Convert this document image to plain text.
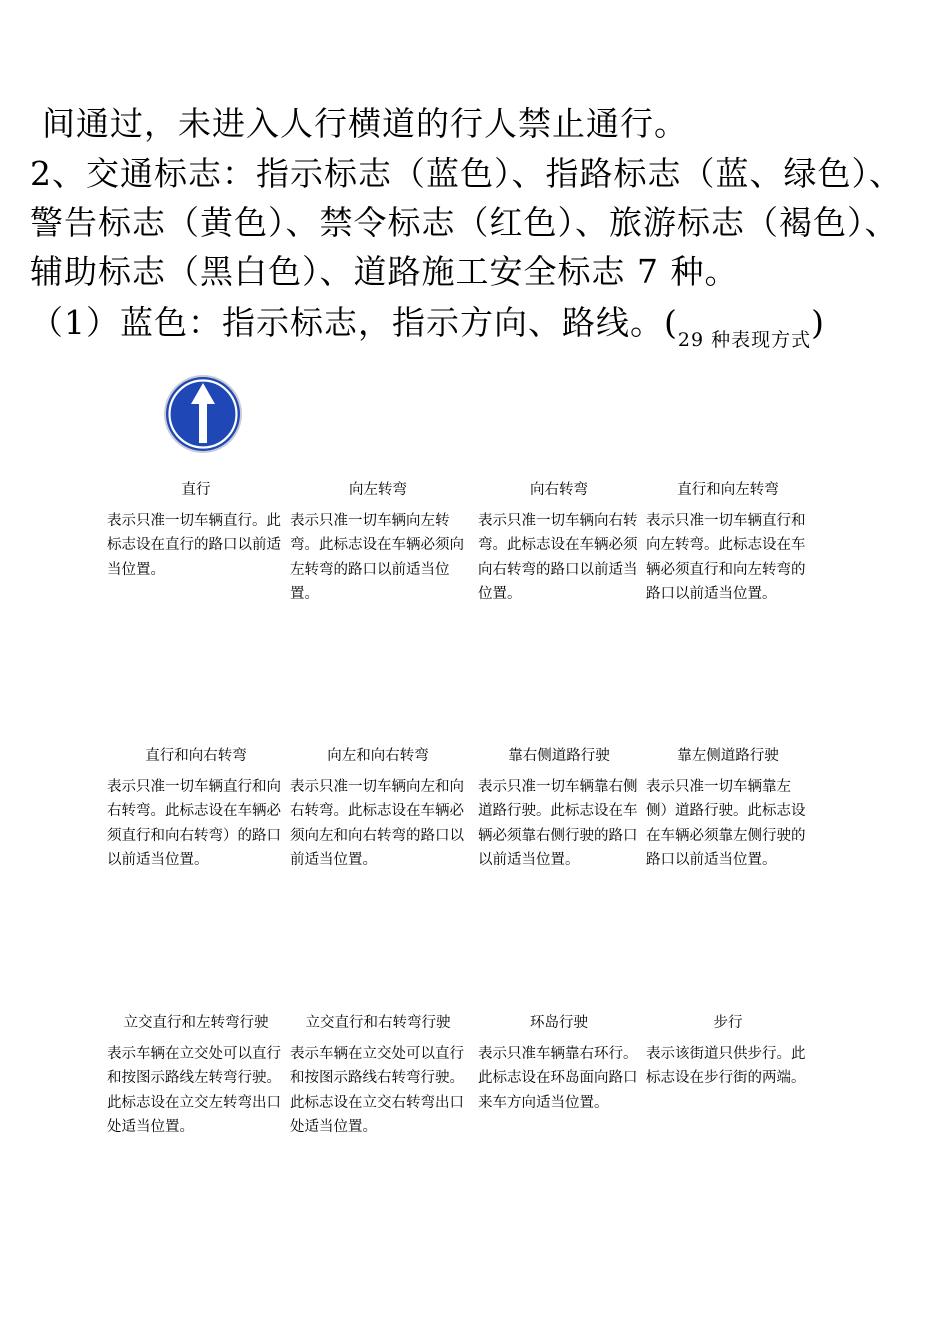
间通过，未进入人行横道的行人禁止通行。
2、交通标志：指示标志（蓝色）、指路标志（蓝、绿色）、
警告标志（黄色）、禁令标志（红色）、旅游标志（褐色）、
辅助标志（黑白色）、道路施工安全标志 7 种。
（1）蓝色：指示标志，指示方向、路线。$(_{29 种表现方式})$
直行
表示只准一切车辆直行。此标志设在直行的路口以前适当位置。
向左转弯
表示只准一切车辆向左转弯。此标志设在车辆必须向左转弯的路口以前适当位置。
向右转弯
表示只准一切车辆向右转弯。此标志设在车辆必须向右转弯的路口以前适当位置。
直行和向左转弯
表示只准一切车辆直行和向左转弯。此标志设在车辆必须直行和向左转弯的路口以前适当位置。
直行和向右转弯
表示只准一切车辆直行和向右转弯。此标志设在车辆必须直行和向右转弯）的路口以前适当位置。
向左和向右转弯
表示只准一切车辆向左和向右转弯。此标志设在车辆必须向左和向右转弯的路口以前适当位置。
靠右侧道路行驶
表示只准一切车辆靠右侧道路行驶。此标志设在车辆必须靠右侧行驶的路口以前适当位置。
靠左侧道路行驶
表示只准一切车辆靠左侧）道路行驶。此标志设在车辆必须靠左侧行驶的路口以前适当位置。
立交直行和左转弯行驶
表示车辆在立交处可以直行和按图示路线左转弯行驶。此标志设在立交左转弯出口处适当位置。
立交直行和右转弯行驶
表示车辆在立交处可以直行和按图示路线右转弯行驶。此标志设在立交右转弯出口处适当位置。
环岛行驶
表示只准车辆靠右环行。此标志设在环岛面向路口来车方向适当位置。
步行
表示该街道只供步行。此标志设在步行街的两端。
